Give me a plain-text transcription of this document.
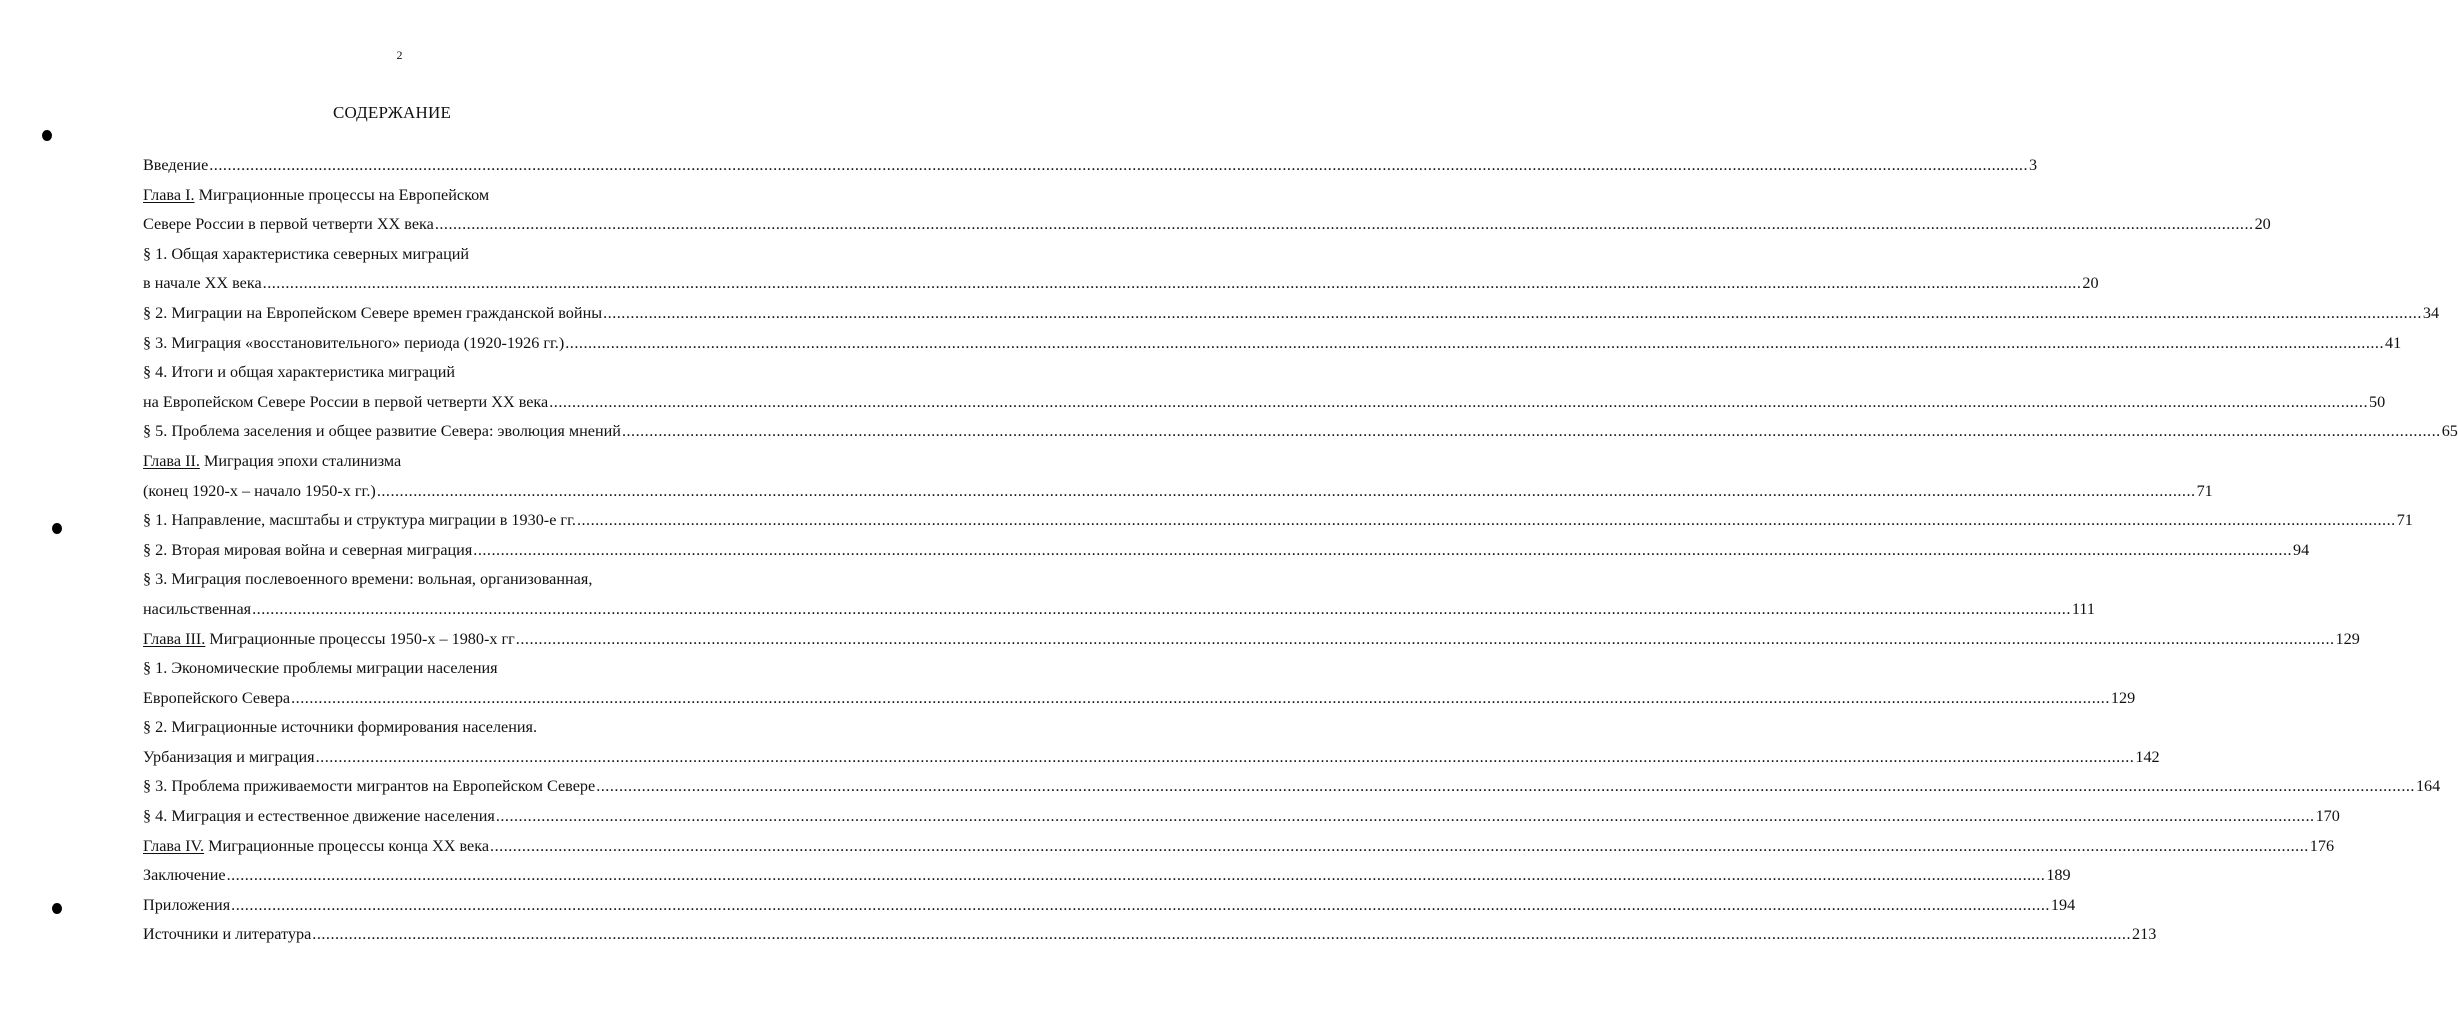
2
СОДЕРЖАНИЕ
Введение ................................................................................................................................................................................................................................................................................................................................................................................................................ 3
Глава I. Миграционные процессы на Европейском
Севере России в первой четверти XX века ................................................................................................................................................................................................................................................................................................................................................................................................................ 20
§ 1. Общая характеристика северных миграций
в начале XX века ................................................................................................................................................................................................................................................................................................................................................................................................................ 20
§ 2. Миграции на Европейском Севере времен гражданской войны ................................................................................................................................................................................................................................................................................................................................................................................................................ 34
§ 3. Миграция «восстановительного» периода (1920-1926 гг.) ................................................................................................................................................................................................................................................................................................................................................................................................................ 41
§ 4. Итоги и общая характеристика миграций
на Европейском Севере России в первой четверти XX века ................................................................................................................................................................................................................................................................................................................................................................................................................ 50
§ 5. Проблема заселения и общее развитие Севера: эволюция мнений ................................................................................................................................................................................................................................................................................................................................................................................................................ 65
Глава II. Миграция эпохи сталинизма
(конец 1920-х – начало 1950-х гг.) ................................................................................................................................................................................................................................................................................................................................................................................................................ 71
§ 1. Направление, масштабы и структура миграции в 1930-е гг. ................................................................................................................................................................................................................................................................................................................................................................................................................ 71
§ 2. Вторая мировая война и северная миграция ................................................................................................................................................................................................................................................................................................................................................................................................................ 94
§ 3. Миграция послевоенного времени: вольная, организованная,
насильственная ................................................................................................................................................................................................................................................................................................................................................................................................................ 111
Глава III. Миграционные процессы 1950-х – 1980-х гг ................................................................................................................................................................................................................................................................................................................................................................................................................ 129
§ 1. Экономические проблемы миграции населения
Европейского Севера ................................................................................................................................................................................................................................................................................................................................................................................................................ 129
§ 2. Миграционные источники формирования населения.
Урбанизация и миграция ................................................................................................................................................................................................................................................................................................................................................................................................................ 142
§ 3. Проблема приживаемости мигрантов на Европейском Севере ................................................................................................................................................................................................................................................................................................................................................................................................................ 164
§ 4. Миграция и естественное движение населения ................................................................................................................................................................................................................................................................................................................................................................................................................ 170
Глава IV. Миграционные процессы конца XX века ................................................................................................................................................................................................................................................................................................................................................................................................................ 176
Заключение ................................................................................................................................................................................................................................................................................................................................................................................................................ 189
Приложения ................................................................................................................................................................................................................................................................................................................................................................................................................ 194
Источники и литература ................................................................................................................................................................................................................................................................................................................................................................................................................ 213
